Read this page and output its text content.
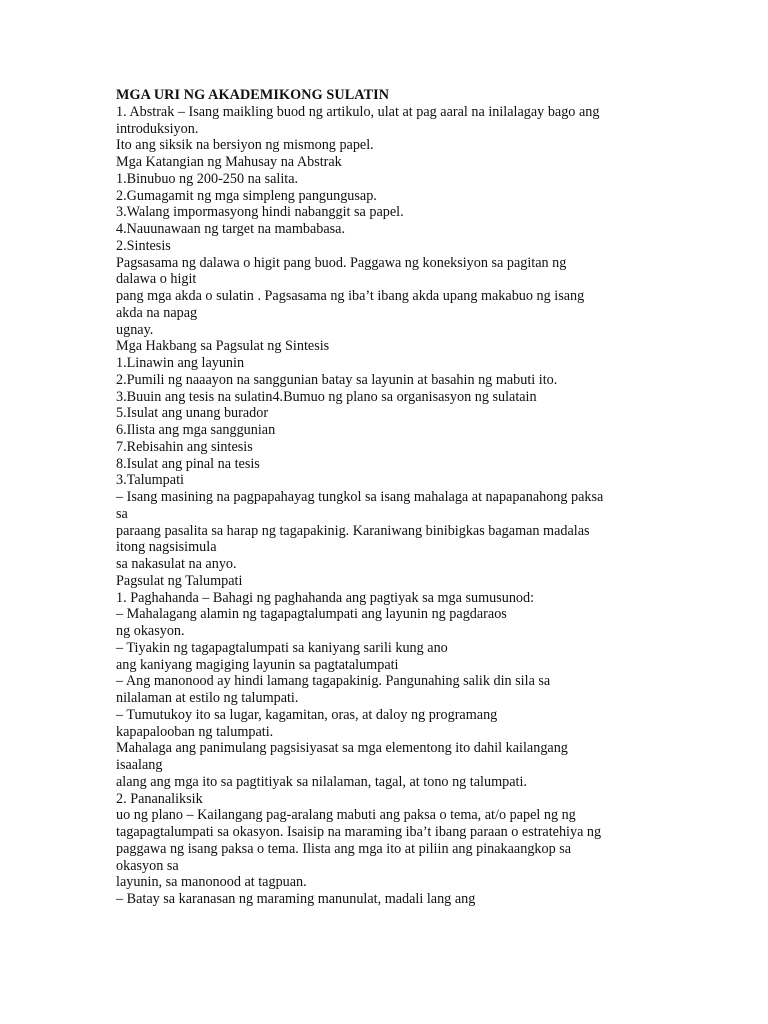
MGA URI NG AKADEMIKONG SULATIN
1. Abstrak – Isang maikling buod ng artikulo, ulat at pag aaral na inilalagay bago ang
introduksiyon.
Ito ang siksik na bersiyon ng mismong papel.
Mga Katangian ng Mahusay na Abstrak
1.Binubuo ng 200-250 na salita.
2.Gumagamit ng mga simpleng pangungusap.
3.Walang impormasyong hindi nabanggit sa papel.
4.Nauunawaan ng target na mambabasa.
2.Sintesis
Pagsasama ng dalawa o higit pang buod. Paggawa ng koneksiyon sa pagitan ng
dalawa o higit
pang mga akda o sulatin . Pagsasama ng iba’t ibang akda upang makabuo ng isang
akda na napag
ugnay.
Mga Hakbang sa Pagsulat ng Sintesis
1.Linawin ang layunin
2.Pumili ng naaayon na sanggunian batay sa layunin at basahin ng mabuti ito.
3.Buuin ang tesis na sulatin4.Bumuo ng plano sa organisasyon ng sulatain
5.Isulat ang unang burador
6.Ilista ang mga sanggunian
7.Rebisahin ang sintesis
8.Isulat ang pinal na tesis
3.Talumpati
– Isang masining na pagpapahayag tungkol sa isang mahalaga at napapanahong paksa
sa
paraang pasalita sa harap ng tagapakinig. Karaniwang binibigkas bagaman madalas
itong nagsisimula
sa nakasulat na anyo.
Pagsulat ng Talumpati
1. Paghahanda – Bahagi ng paghahanda ang pagtiyak sa mga sumusunod:
– Mahalagang alamin ng tagapagtalumpati ang layunin ng pagdaraos
ng okasyon.
– Tiyakin ng tagapagtalumpati sa kaniyang sarili kung ano
ang kaniyang magiging layunin sa pagtatalumpati
– Ang manonood ay hindi lamang tagapakinig. Pangunahing salik din sila sa
nilalaman at estilo ng talumpati.
– Tumutukoy ito sa lugar, kagamitan, oras, at daloy ng programang
kapapalooban ng talumpati.
Mahalaga ang panimulang pagsisiyasat sa mga elementong ito dahil kailangang
isaalang
alang ang mga ito sa pagtitiyak sa nilalaman, tagal, at tono ng talumpati.
2. Pananaliksik
uo ng plano – Kailangang pag-aralang mabuti ang paksa o tema, at/o papel ng ng
tagapagtalumpati sa okasyon. Isaisip na maraming iba’t ibang paraan o estratehiya ng
paggawa ng isang paksa o tema. Ilista ang mga ito at piliin ang pinakaangkop sa
okasyon sa
layunin, sa manonood at tagpuan.
– Batay sa karanasan ng maraming manunulat, madali lang ang
